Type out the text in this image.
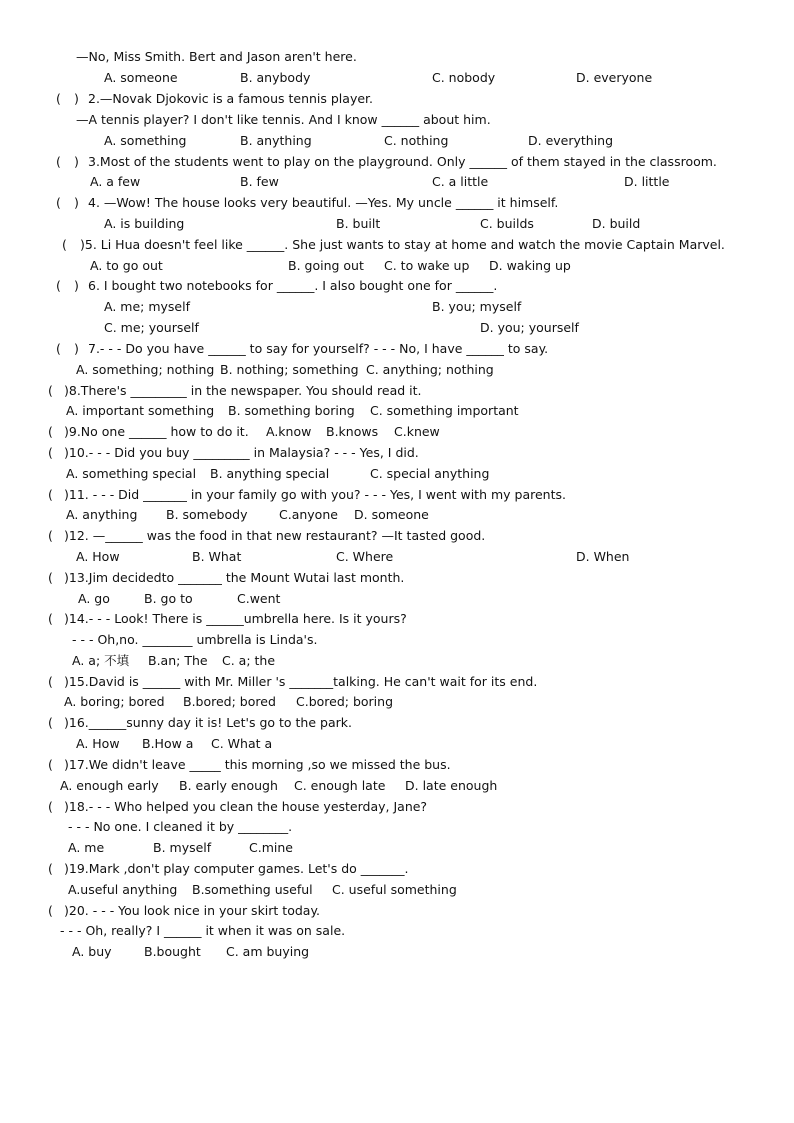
—No, Miss Smith. Bert and Jason aren't here.
A. someone	B. anybody	C. nobody	D. everyone
( ) 2.—Novak Djokovic is a famous tennis player.
—A tennis player? I don't like tennis. And I know ______ about him.
A. something	B. anything	C. nothing	D. everything
( ) 3.Most of the students went to play on the playground. Only ______ of them stayed in the classroom.
A. a few	B. few	C. a little	D. little
( ) 4. —Wow! The house looks very beautiful. —Yes. My uncle ______ it himself.
A. is building	B. built	C. builds	D. build
( )5. Li Hua doesn't feel like ______. She just wants to stay at home and watch the movie Captain Marvel.
A. to go out	B. going out C. to wake up D. waking up
( ) 6. I bought two notebooks for ______. I also bought one for ______.
A. me; myself	B. you; myself
C. me; yourself	D. you; yourself
( ) 7.- - - Do you have ______ to say for yourself? - - - No, I have ______ to say.
A. something; nothing B. nothing; something C. anything; nothing
( )8.There's _________ in the newspaper. You should read it.
A. important something B. something boring C. something important
( )9.No one ______ how to do it. A.know B.knows C.knew
( )10.- - - Did you buy _________ in Malaysia? - - - Yes, I did.
A. something special B. anything special	C. special anything
( )11. - - - Did _______ in your family go with you? - - - Yes, I went with my parents.
A. anything B. somebody	C.anyone D. someone
( )12. —______ was the food in that new restaurant? —It tasted good.
A. How	B. What	C. Where	D. When
( )13.Jim decidedto _______ the Mount Wutai last month.
A. go	B. go to	C.went
( )14.- - - Look! There is ______umbrella here. Is it yours?
- - - Oh,no. ________ umbrella is Linda's.
A. a; 不填 B.an; The C. a; the
( )15.David is ______ with Mr. Miller 's _______talking. He can't wait for its end.
A. boring; bored B.bored; bored C.bored; boring
( )16.______sunny day it is! Let's go to the park.
A. How B.How a C. What a
( )17.We didn't leave _____ this morning ,so we missed the bus.
A. enough early B. early enough C. enough late D. late enough
( )18.- - - Who helped you clean the house yesterday, Jane?
- - - No one. I cleaned it by ________.
A. me	B. myself	C.mine
( )19.Mark ,don't play computer games. Let's do _______.
A.useful anything B.something useful C. useful something
( )20. - - - You look nice in your skirt today.
- - - Oh, really? I ______ it when it was on sale.
A. buy	B.bought C. am buying
